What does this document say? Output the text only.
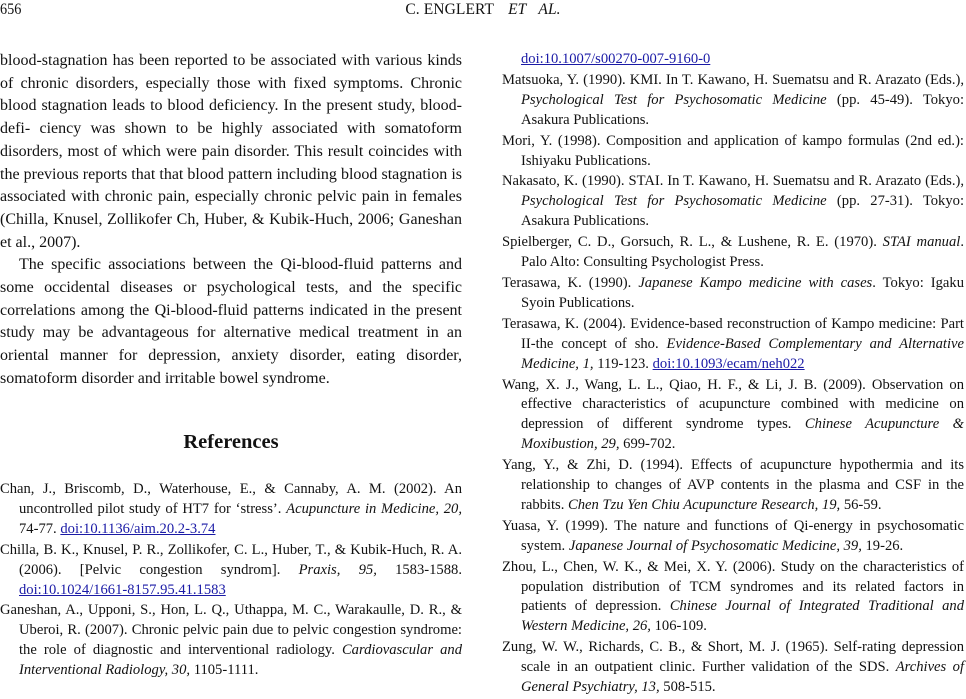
656	C. ENGLERT ET AL.

blood-stagnation has been reported to be associated with various kinds of chronic disorders, especially those with fixed symptoms. Chronic blood stagnation leads to blood deficiency. In the present study, blood-defi- ciency was shown to be highly associated with somatoform disorders, most of which were pain disorder. This result coincides with the previous reports that that blood pattern including blood stagnation is associated with chronic pain, especially chronic pelvic pain in females (Chilla, Knusel, Zollikofer Ch, Huber, & Kubik-Huch, 2006; Ganeshan et al., 2007).

The specific associations between the Qi-blood-fluid patterns and some occidental diseases or psychological tests, and the specific correlations among the Qi-blood-fluid patterns indicated in the present study may be advantageous for alternative medical treatment in an oriental manner for depression, anxiety disorder, eating disorder, somatoform disorder and irritable bowel syndrome.

References

Chan, J., Briscomb, D., Waterhouse, E., & Cannaby, A. M. (2002). An uncontrolled pilot study of HT7 for ‘stress’. Acupuncture in Medicine, 20, 74-77. doi:10.1136/aim.20.2-3.74

Chilla, B. K., Knusel, P. R., Zollikofer, C. L., Huber, T., & Kubik-Huch, R. A. (2006). [Pelvic congestion syndrom]. Praxis, 95, 1583-1588. doi:10.1024/1661-8157.95.41.1583

Ganeshan, A., Upponi, S., Hon, L. Q., Uthappa, M. C., Warakaulle, D. R., & Uberoi, R. (2007). Chronic pelvic pain due to pelvic congestion syndrome: the role of diagnostic and interventional radiology. Cardiovascular and Interventional Radiology, 30, 1105-1111.

doi:10.1007/s00270-007-9160-0

Matsuoka, Y. (1990). KMI. In T. Kawano, H. Suematsu and R. Arazato (Eds.), Psychological Test for Psychosomatic Medicine (pp. 45-49). Tokyo: Asakura Publications.

Mori, Y. (1998). Composition and application of kampo formulas (2nd ed.): Ishiyaku Publications.

Nakasato, K. (1990). STAI. In T. Kawano, H. Suematsu and R. Arazato (Eds.), Psychological Test for Psychosomatic Medicine (pp. 27-31). Tokyo: Asakura Publications.

Spielberger, C. D., Gorsuch, R. L., & Lushene, R. E. (1970). STAI manual. Palo Alto: Consulting Psychologist Press.

Terasawa, K. (1990). Japanese Kampo medicine with cases. Tokyo: Igaku Syoin Publications.

Terasawa, K. (2004). Evidence-based reconstruction of Kampo medicine: Part II-the concept of sho. Evidence-Based Complementary and Alternative Medicine, 1, 119-123. doi:10.1093/ecam/neh022

Wang, X. J., Wang, L. L., Qiao, H. F., & Li, J. B. (2009). Observation on effective characteristics of acupuncture combined with medicine on depression of different syndrome types. Chinese Acupuncture & Moxibustion, 29, 699-702.

Yang, Y., & Zhi, D. (1994). Effects of acupuncture hypothermia and its relationship to changes of AVP contents in the plasma and CSF in the rabbits. Chen Tzu Yen Chiu Acupuncture Research, 19, 56-59.

Yuasa, Y. (1999). The nature and functions of Qi-energy in psychosomatic system. Japanese Journal of Psychosomatic Medicine, 39, 19-26.

Zhou, L., Chen, W. K., & Mei, X. Y. (2006). Study on the characteristics of population distribution of TCM syndromes and its related factors in patients of depression. Chinese Journal of Integrated Traditional and Western Medicine, 26, 106-109.

Zung, W. W., Richards, C. B., & Short, M. J. (1965). Self-rating depression scale in an outpatient clinic. Further validation of the SDS. Archives of General Psychiatry, 13, 508-515.
